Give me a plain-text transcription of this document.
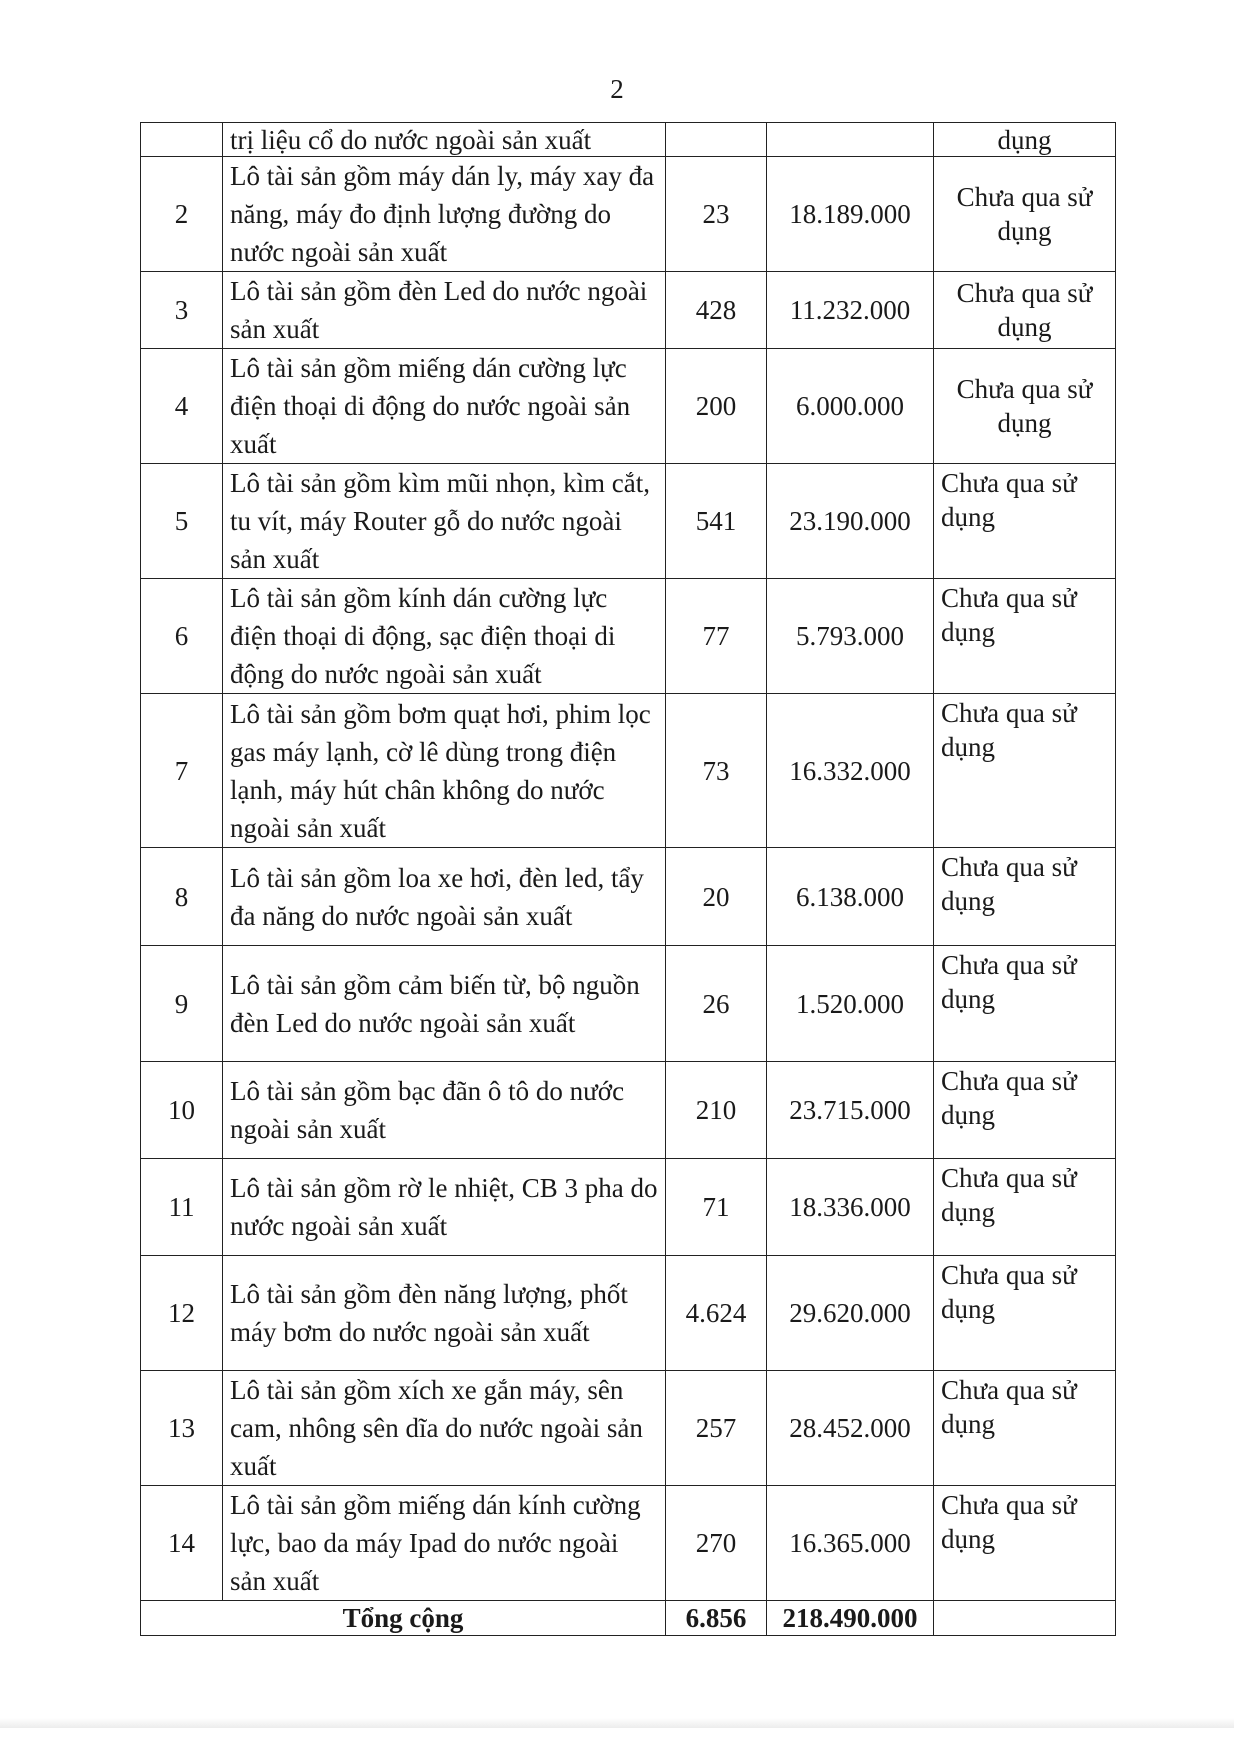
2

	trị liệu cổ do nước ngoài sản xuất			dụng

2	Lô tài sản gồm máy dán ly, máy xay đa năng, máy đo định lượng đường do nước ngoài sản xuất	23	18.189.000	Chưa qua sử dụng
3	Lô tài sản gồm đèn Led do nước ngoài sản xuất	428	11.232.000	Chưa qua sử dụng
4	Lô tài sản gồm miếng dán cường lực điện thoại di động do nước ngoài sản xuất	200	6.000.000	Chưa qua sử dụng
5	Lô tài sản gồm kìm mũi nhọn, kìm cắt, tu vít, máy Router gỗ do nước ngoài sản xuất	541	23.190.000	Chưa qua sử dụng
6	Lô tài sản gồm kính dán cường lực điện thoại di động, sạc điện thoại di động do nước ngoài sản xuất	77	5.793.000	Chưa qua sử dụng
7	Lô tài sản gồm bơm quạt hơi, phim lọc gas máy lạnh, cờ lê dùng trong điện lạnh, máy hút chân không do nước ngoài sản xuất	73	16.332.000	Chưa qua sử dụng
8	Lô tài sản gồm loa xe hơi, đèn led, tẩy đa năng do nước ngoài sản xuất	20	6.138.000	Chưa qua sử dụng
9	Lô tài sản gồm cảm biến từ, bộ nguồn đèn Led do nước ngoài sản xuất	26	1.520.000	Chưa qua sử dụng
10	Lô tài sản gồm bạc đãn ô tô do nước ngoài sản xuất	210	23.715.000	Chưa qua sử dụng
11	Lô tài sản gồm rờ le nhiệt, CB 3 pha do nước ngoài sản xuất	71	18.336.000	Chưa qua sử dụng
12	Lô tài sản gồm đèn năng lượng, phốt máy bơm do nước ngoài sản xuất	4.624	29.620.000	Chưa qua sử dụng
13	Lô tài sản gồm xích xe gắn máy, sên cam, nhông sên dĩa do nước ngoài sản xuất	257	28.452.000	Chưa qua sử dụng
14	Lô tài sản gồm miếng dán kính cường lực, bao da máy Ipad do nước ngoài sản xuất	270	16.365.000	Chưa qua sử dụng
Tổng cộng		6.856	218.490.000	
